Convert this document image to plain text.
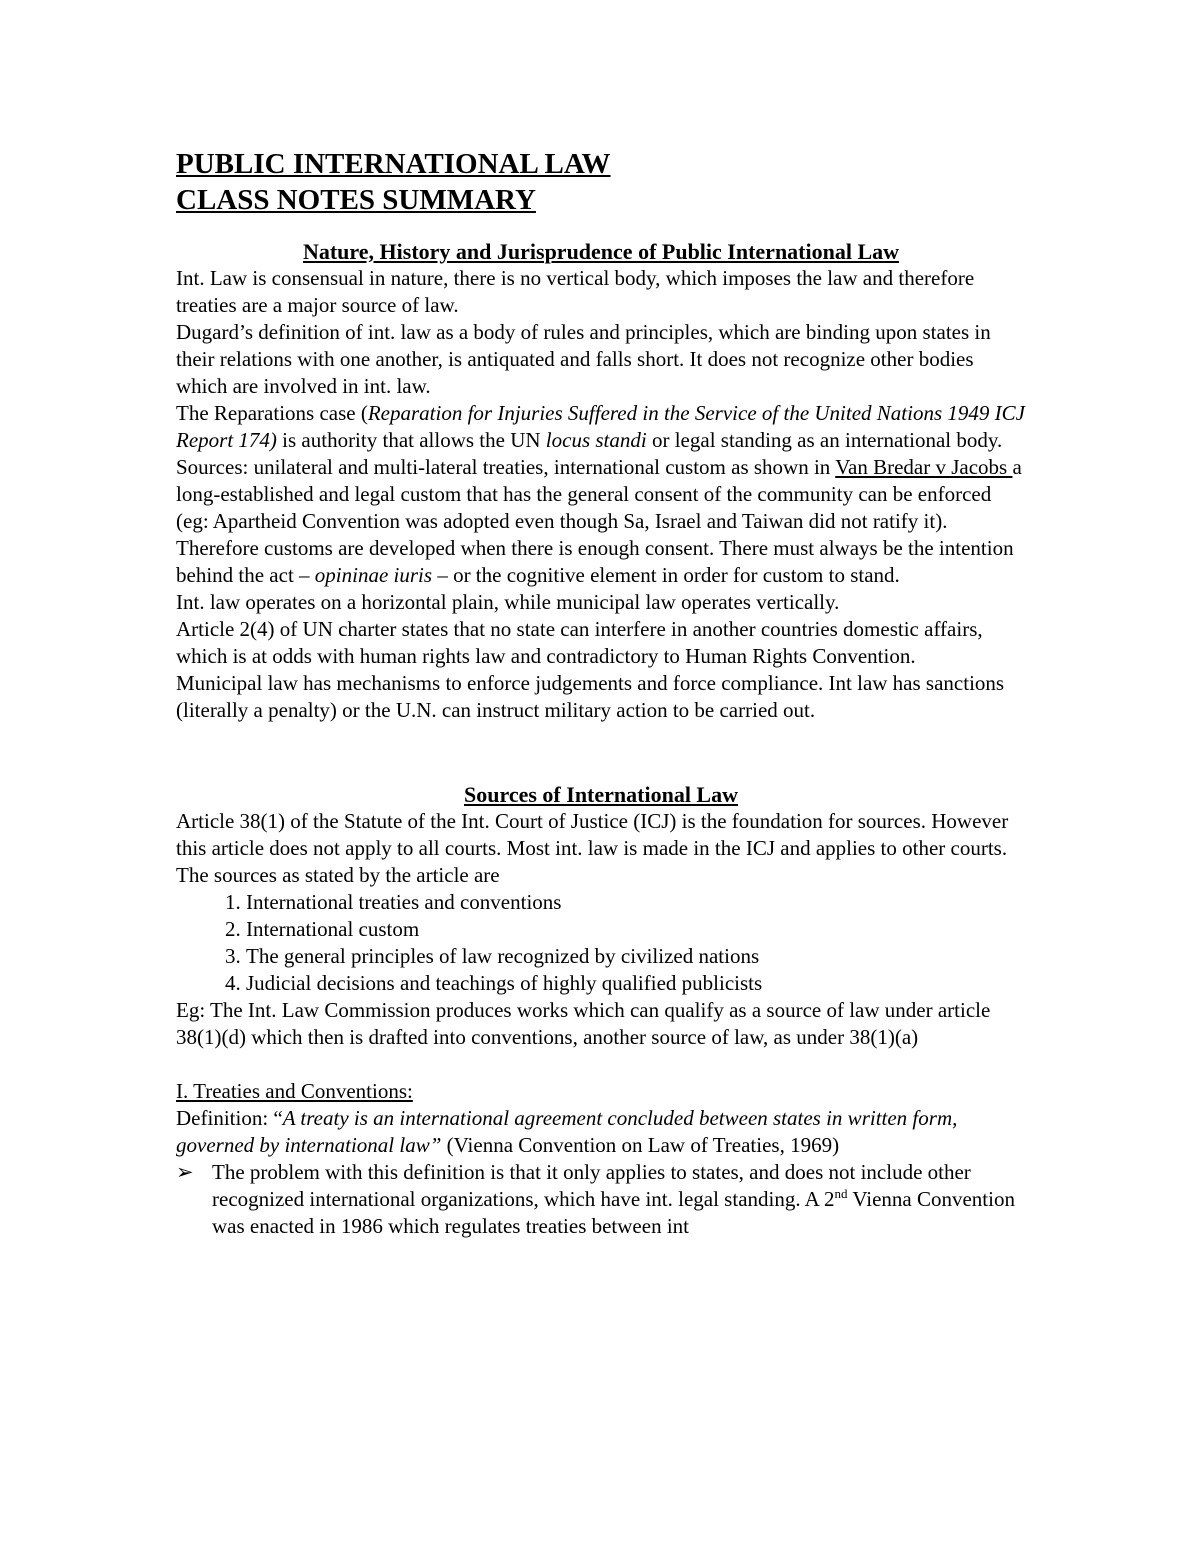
PUBLIC INTERNATIONAL LAW
CLASS NOTES SUMMARY
Nature, History and Jurisprudence of Public International Law

Int. Law is consensual in nature, there is no vertical body, which imposes the law and therefore treaties are a major source of law.

Dugard’s definition of int. law as a body of rules and principles, which are binding upon states in their relations with one another, is antiquated and falls short. It does not recognize other bodies which are involved in int. law.

The Reparations case (Reparation for Injuries Suffered in the Service of the United Nations 1949 ICJ Report 174) is authority that allows the UN locus standi or legal standing as an international body.

Sources: unilateral and multi-lateral treaties, international custom as shown in Van Bredar v Jacobs a long-established and legal custom that has the general consent of the community can be enforced (eg: Apartheid Convention was adopted even though Sa, Israel and Taiwan did not ratify it). Therefore customs are developed when there is enough consent. There must always be the intention behind the act – opininae iuris – or the cognitive element in order for custom to stand.

Int. law operates on a horizontal plain, while municipal law operates vertically.

Article 2(4) of UN charter states that no state can interfere in another countries domestic affairs, which is at odds with human rights law and contradictory to Human Rights Convention.

Municipal law has mechanisms to enforce judgements and force compliance. Int law has sanctions (literally a penalty) or the U.N. can instruct military action to be carried out.

Sources of International Law

Article 38(1) of the Statute of the Int. Court of Justice (ICJ) is the foundation for sources. However this article does not apply to all courts. Most int. law is made in the ICJ and applies to other courts.

The sources as stated by the article are

1. International treaties and conventions
2. International custom
3. The general principles of law recognized by civilized nations
4. Judicial decisions and teachings of highly qualified publicists

Eg: The Int. Law Commission produces works which can qualify as a source of law under article 38(1)(d) which then is drafted into conventions, another source of law, as under 38(1)(a)

I. Treaties and Conventions:

Definition: “A treaty is an international agreement concluded between states in written form, governed by international law” (Vienna Convention on Law of Treaties, 1969)

➢ The problem with this definition is that it only applies to states, and does not include other recognized international organizations, which have int. legal standing. A 2nd Vienna Convention was enacted in 1986 which regulates treaties between int
